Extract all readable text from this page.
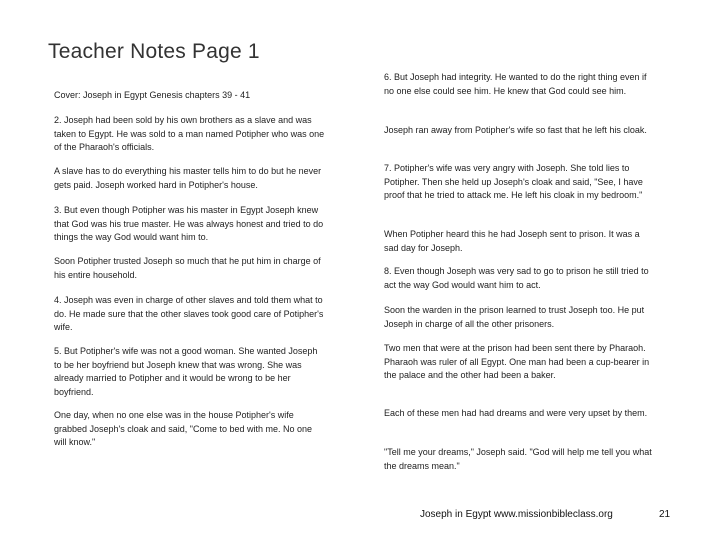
Teacher Notes Page 1

Cover: Joseph in Egypt Genesis chapters 39 - 41

2. Joseph had been sold by his own brothers as a slave and was taken to Egypt. He was sold to a man named Potipher who was one of the Pharaoh's officials.

A slave has to do everything his master tells him to do but he never gets paid. Joseph worked hard in Potipher's house.

3. But even though Potipher was his master in Egypt Joseph knew that God was his true master. He was always honest and tried to do things the way God would want him to.

Soon Potipher trusted Joseph so much that he put him in charge of his entire household.

4. Joseph was even in charge of other slaves and told them what to do. He made sure that the other slaves took good care of Potipher's wife.

5. But Potipher's wife was not a good woman. She wanted Joseph to be her boyfriend but Joseph knew that was wrong. She was already married to Potipher and it would be wrong to be her boyfriend.

One day, when no one else was in the house Potipher's wife grabbed Joseph's cloak and said, "Come to bed with me. No one will know."

6. But Joseph had integrity. He wanted to do the right thing even if no one else could see him. He knew that God could see him.

Joseph ran away from Potipher's wife so fast that he left his cloak.

7. Potipher's wife was very angry with Joseph. She told lies to Potipher. Then she held up Joseph's cloak and said, "See, I have proof that he tried to attack me. He left his cloak in my bedroom."

When Potipher heard this he had Joseph sent to prison. It was a sad day for Joseph.

8. Even though Joseph was very sad to go to prison he still tried to act the way God would want him to act.

Soon the warden in the prison learned to trust Joseph too. He put Joseph in charge of all the other prisoners.

Two men that were at the prison had been sent there by Pharaoh. Pharaoh was ruler of all Egypt. One man had been a cup-bearer in the palace and the other had been a baker.

Each of these men had had dreams and were very upset by them.

"Tell me your dreams," Joseph said. "God will help me tell you what the dreams mean."

Joseph in Egypt www.missionbibleclass.org	21
